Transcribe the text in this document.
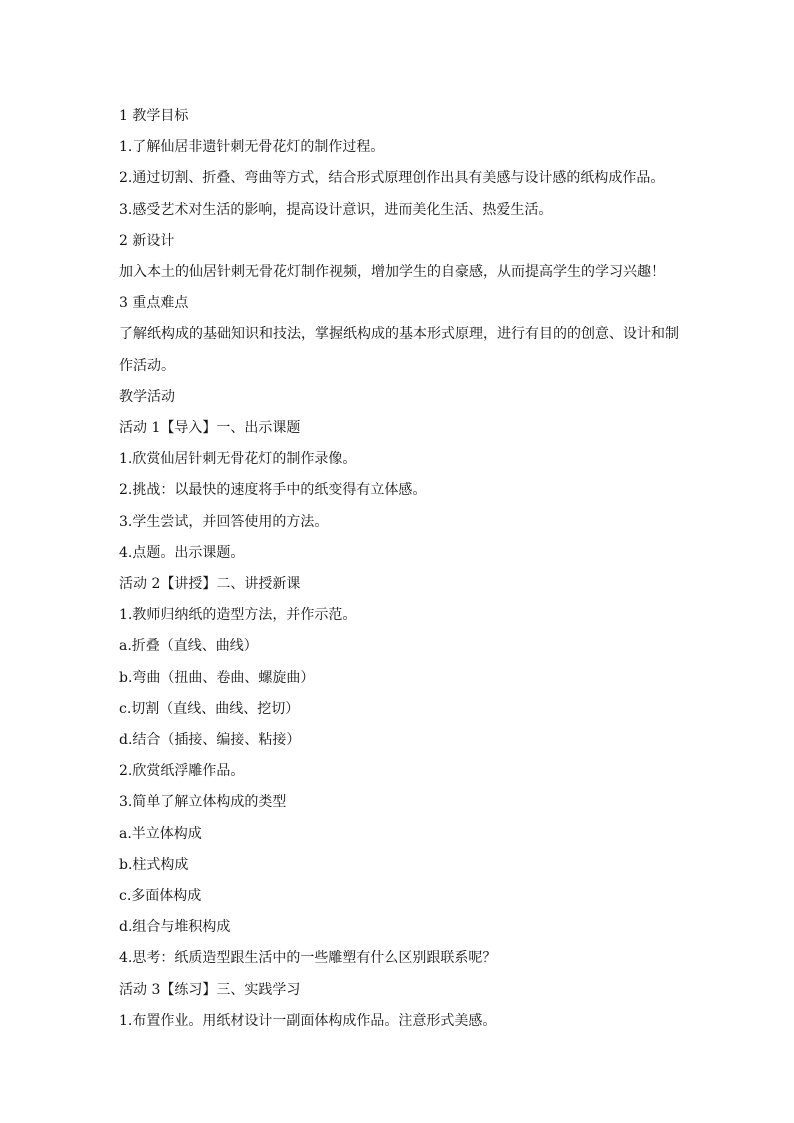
1 教学目标
1.了解仙居非遗针刺无骨花灯的制作过程。
2.通过切割、折叠、弯曲等方式，结合形式原理创作出具有美感与设计感的纸构成作品。
3.感受艺术对生活的影响，提高设计意识，进而美化生活、热爱生活。
2 新设计
加入本土的仙居针刺无骨花灯制作视频，增加学生的自豪感，从而提高学生的学习兴趣！
3 重点难点
了解纸构成的基础知识和技法，掌握纸构成的基本形式原理，进行有目的的创意、设计和制作活动。
教学活动
活动 1【导入】一、出示课题
1.欣赏仙居针刺无骨花灯的制作录像。
2.挑战：以最快的速度将手中的纸变得有立体感。
3.学生尝试，并回答使用的方法。
4.点题。出示课题。
活动 2【讲授】二、讲授新课
1.教师归纳纸的造型方法，并作示范。
a.折叠（直线、曲线）
b.弯曲（扭曲、卷曲、螺旋曲）
c.切割（直线、曲线、挖切）
d.结合（插接、编接、粘接）
2.欣赏纸浮雕作品。
3.简单了解立体构成的类型
a.半立体构成
b.柱式构成
c.多面体构成
d.组合与堆积构成
4.思考：纸质造型跟生活中的一些雕塑有什么区别跟联系呢？
活动 3【练习】三、实践学习
1.布置作业。用纸材设计一副面体构成作品。注意形式美感。
